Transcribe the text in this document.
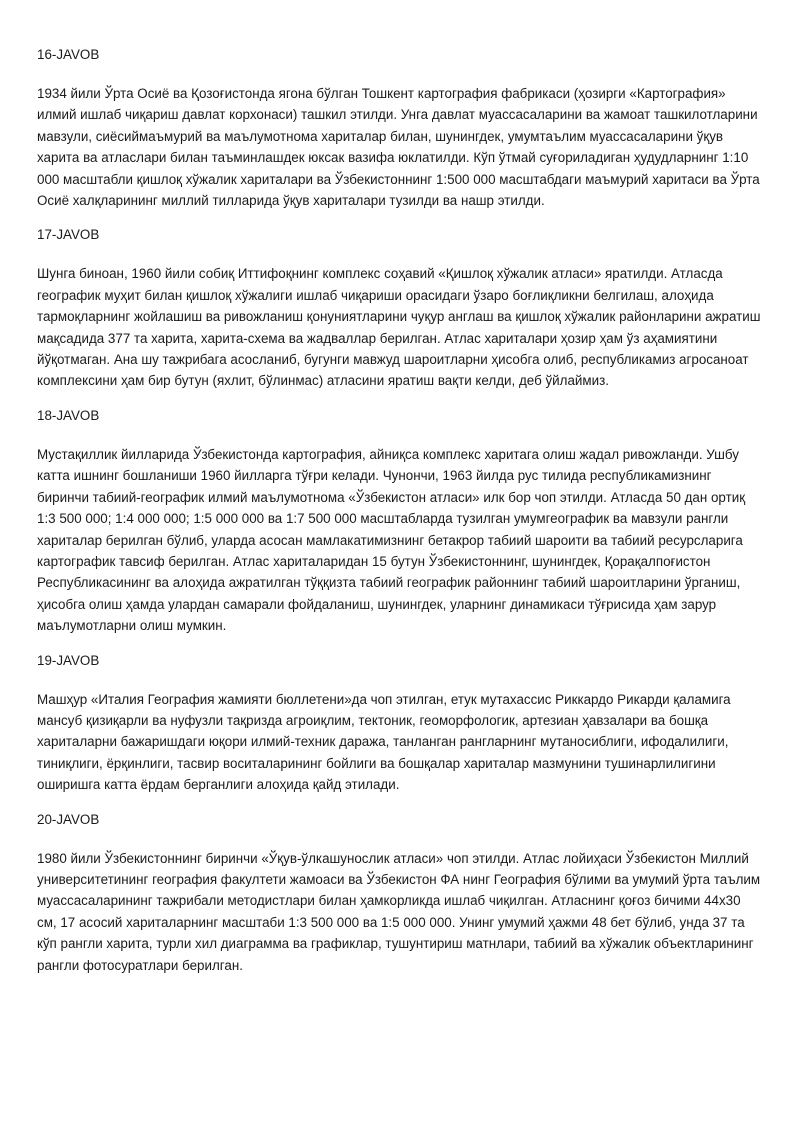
16-JAVOB

1934 йили Ўрта Осиё ва Қозоғистонда ягона бўлган Тошкент картография фабрикаси (ҳозирги «Картография» илмий ишлаб чиқариш давлат корхонаси) ташкил этилди. Унга давлат муассасаларини ва жамоат ташкилотларини мавзули, сиёсиймаъмурий ва маълумотнома хариталар билан, шунингдек, умумтаълим муассасаларини ўқув харита ва атласлари билан таъминлашдек юксак вазифа юклатилди. Кўп ўтмай суғориладиган ҳудудларнинг 1:10 000 масштабли қишлоқ хўжалик хариталари ва Ўзбекистоннинг 1:500 000 масштабдаги маъмурий харитаси ва Ўрта Осиё халқларининг миллий тилларида ўқув хариталари тузилди ва нашр этилди.

17-JAVOB

Шунга биноан, 1960 йили собиқ Иттифоқнинг комплекс соҳавий «Қишлоқ хўжалик атласи» яратилди. Атласда географик муҳит билан қишлоқ хўжалиги ишлаб чиқариши орасидаги ўзаро боғлиқликни белгилаш, алоҳида тармоқларнинг жойлашиш ва ривожланиш қонуниятларини чуқур англаш ва қишлоқ хўжалик районларини ажратиш мақсадида 377 та харита, харита-схема ва жадваллар берилган. Атлас хариталари ҳозир ҳам ўз аҳамиятини йўқотмаган. Ана шу тажрибага асосланиб, бугунги мавжуд шароитларни ҳисобга олиб, республикамиз агросаноат комплексини ҳам бир бутун (яхлит, бўлинмас) атласини яратиш вақти келди, деб ўйлаймиз.

18-JAVOB

Мустақиллик йилларида Ўзбекистонда картография, айниқса комплекс харитага олиш жадал ривожланди. Ушбу катта ишнинг бошланиши 1960 йилларга тўғри келади. Чунончи, 1963 йилда рус тилида республикамизнинг биринчи табиий-географик илмий маълумотнома «Ўзбекистон атласи» илк бор чоп этилди. Атласда 50 дан ортиқ 1:3 500 000; 1:4 000 000; 1:5 000 000 ва 1:7 500 000 масштабларда тузилган умумгеографик ва мавзули рангли хариталар берилган бўлиб, уларда асосан мамлакатимизнинг бетакрор табиий шароити ва табиий ресурсларига картографик тавсиф берилган. Атлас хариталаридан 15 бутун Ўзбекистоннинг, шунингдек, Қорақалпоғистон Республикасининг ва алоҳида ажратилган тўққизта табиий географик районнинг табиий шароитларини ўрганиш, ҳисобга олиш ҳамда улардан самарали фойдаланиш, шунингдек, уларнинг динамикаси тўғрисида ҳам зарур маълумотларни олиш мумкин.

19-JAVOB

Машҳур «Италия География жамияти бюллетени»да чоп этилган, етук мутахассис Риккардо Рикарди қаламига мансуб қизиқарли ва нуфузли тақризда агроиқлим, тектоник, геоморфологик, артезиан ҳавзалари ва бошқа хариталарни бажаришдаги юқори илмий-техник даража, танланган рангларнинг мутаносиблиги, ифодалилиги, тиниқлиги, ёрқинлиги, тасвир воситаларининг бойлиги ва бошқалар хариталар мазмунини тушинарлилигини оширишга катта ёрдам берганлиги алоҳида қайд этилади.

20-JAVOB

1980 йили Ўзбекистоннинг биринчи «Ўқув-ўлкашунослик атласи» чоп этилди. Атлас лойиҳаси Ўзбекистон Миллий университетининг география факултети жамоаси ва Ўзбекистон ФА нинг География бўлими ва умумий ўрта таълим муассасаларининг тажрибали методистлари билан ҳамкорликда ишлаб чиқилган. Атласнинг қоғоз бичими 44х30 см, 17 асосий хариталарнинг масштаби 1:3 500 000 ва 1:5 000 000. Унинг умумий ҳажми 48 бет бўлиб, унда 37 та кўп рангли харита, турли хил диаграмма ва графиклар, тушунтириш матнлари, табиий ва хўжалик объектларининг рангли фотосуратлари берилган.
